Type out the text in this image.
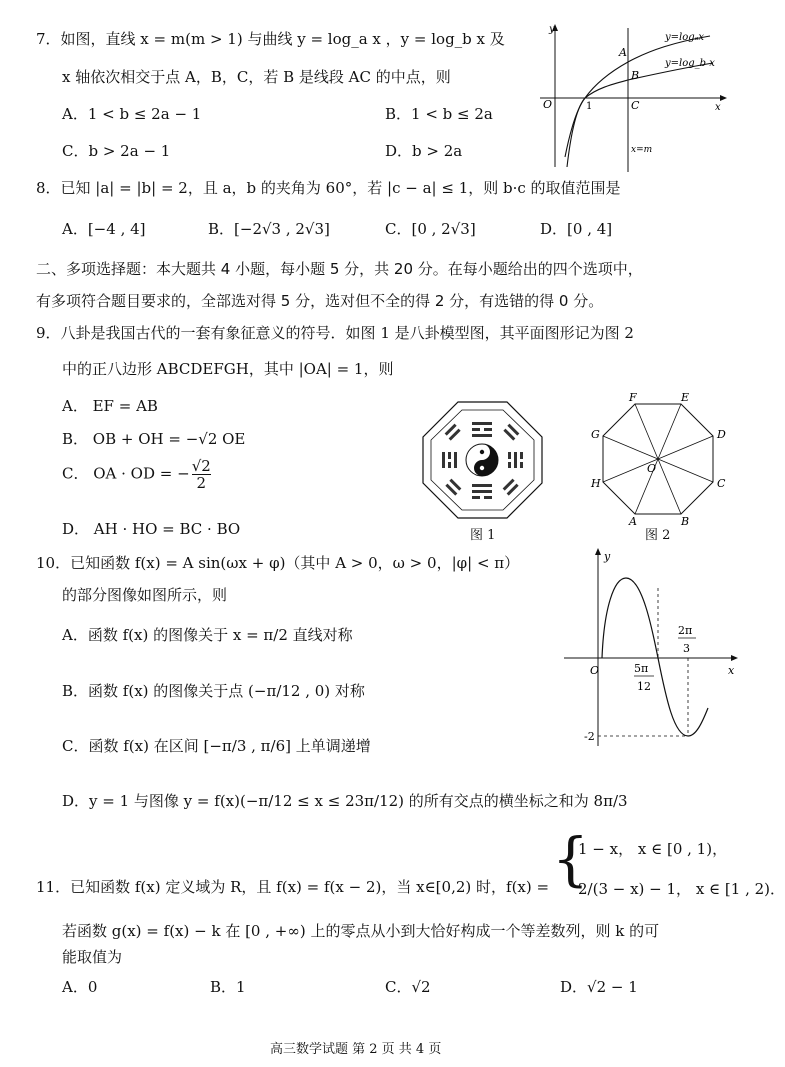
7．如图，直线 x = m(m > 1) 与曲线 y = log_a x ，y = log_b x 及
x 轴依次相交于点 A，B，C，若 B 是线段 AC 的中点，则
A．1 < b ≤ 2a − 1	B．1 < b ≤ 2a
C．b > 2a − 1	D．b > 2a
y
x
O	1
A
B
C
y=logₐx
y=log_b x
x=m
8．已知 |a| = |b| = 2，且 a，b 的夹角为 60°，若 |c − a| ≤ 1，则 b·c 的取值范围是
A．[−4 , 4]	B．[−2√3 , 2√3]	C．[0 , 2√3]	D．[0 , 4]
二、多项选择题：本大题共 4 小题，每小题 5 分，共 20 分。在每小题给出的四个选项中，
有多项符合题目要求的，全部选对得 5 分，选对但不全的得 2 分，有选错的得 0 分。
9．八卦是我国古代的一套有象征意义的符号．如图 1 是八卦模型图，其平面图形记为图 2
中的正八边形 ABCDEFGH，其中 |OA| = 1，则
A． EF = AB
B． OB + OH = −√2 OE
C． OA · OD = − $\frac{√2}{2}$
D． AH · HO = BC · BO	图 1
F	E
D
C
B
A
H
G
O
图 2
10．已知函数 f(x) = A sin(ωx + φ)（其中 A > 0，ω > 0，|φ| < π）
的部分图像如图所示，则
A．函数 f(x) 的图像关于 x = π/2 直线对称
B．函数 f(x) 的图像关于点 (−π/12 , 0) 对称
C．函数 f(x) 在区间 [−π/3 , π/6] 上单调递增
D．y = 1 与图像 y = f(x)(−π/12 ≤ x ≤ 23π/12) 的所有交点的横坐标之和为 8π/3
y
x
O
-2
2π
3
5π
12
11．已知函数 f(x) 定义域为 R，且 f(x) = f(x − 2)，当 x∈[0,2) 时，f(x) = {
1 − x， x ∈ [0 , 1)，
2/(3 − x) − 1， x ∈ [1 , 2)．
若函数 g(x) = f(x) − k 在 [0 , +∞) 上的零点从小到大恰好构成一个等差数列，则 k 的可
能取值为
A．0	B．1	C．√2	D．√2 − 1
高三数学试题 第 2 页 共 4 页
